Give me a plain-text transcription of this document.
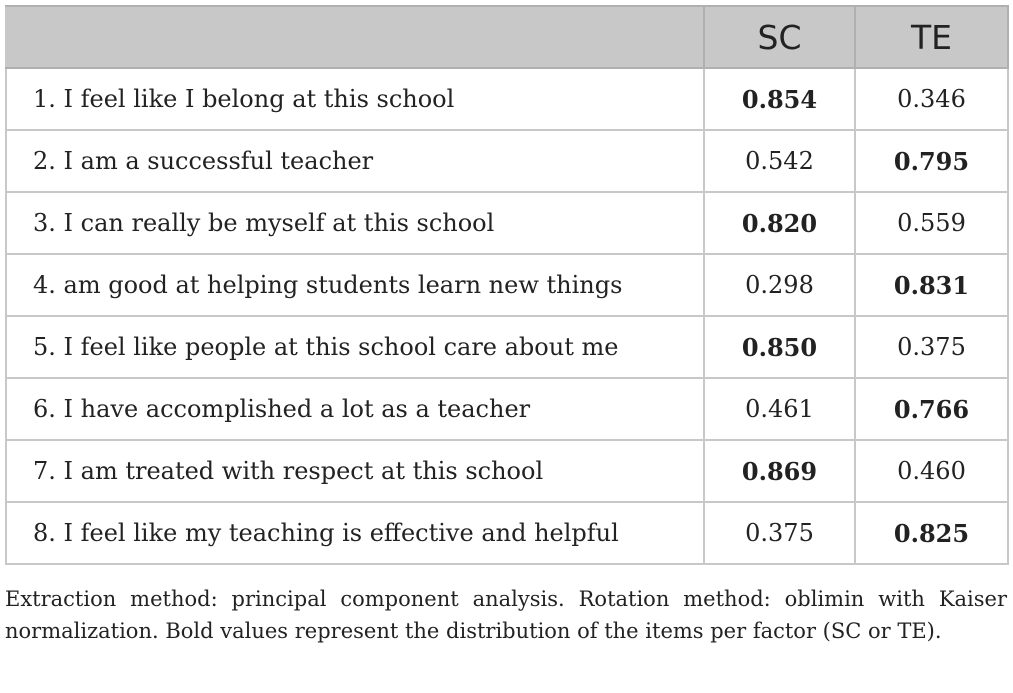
	SC	TE
1. I feel like I belong at this school	0.854	0.346
2. I am a successful teacher	0.542	0.795
3. I can really be myself at this school	0.820	0.559
4. am good at helping students learn new things	0.298	0.831
5. I feel like people at this school care about me	0.850	0.375
6. I have accomplished a lot as a teacher	0.461	0.766
7. I am treated with respect at this school	0.869	0.460
8. I feel like my teaching is effective and helpful	0.375	0.825

Extraction method: principal component analysis. Rotation method: oblimin with Kaiser normalization. Bold values represent the distribution of the items per factor (SC or TE).
